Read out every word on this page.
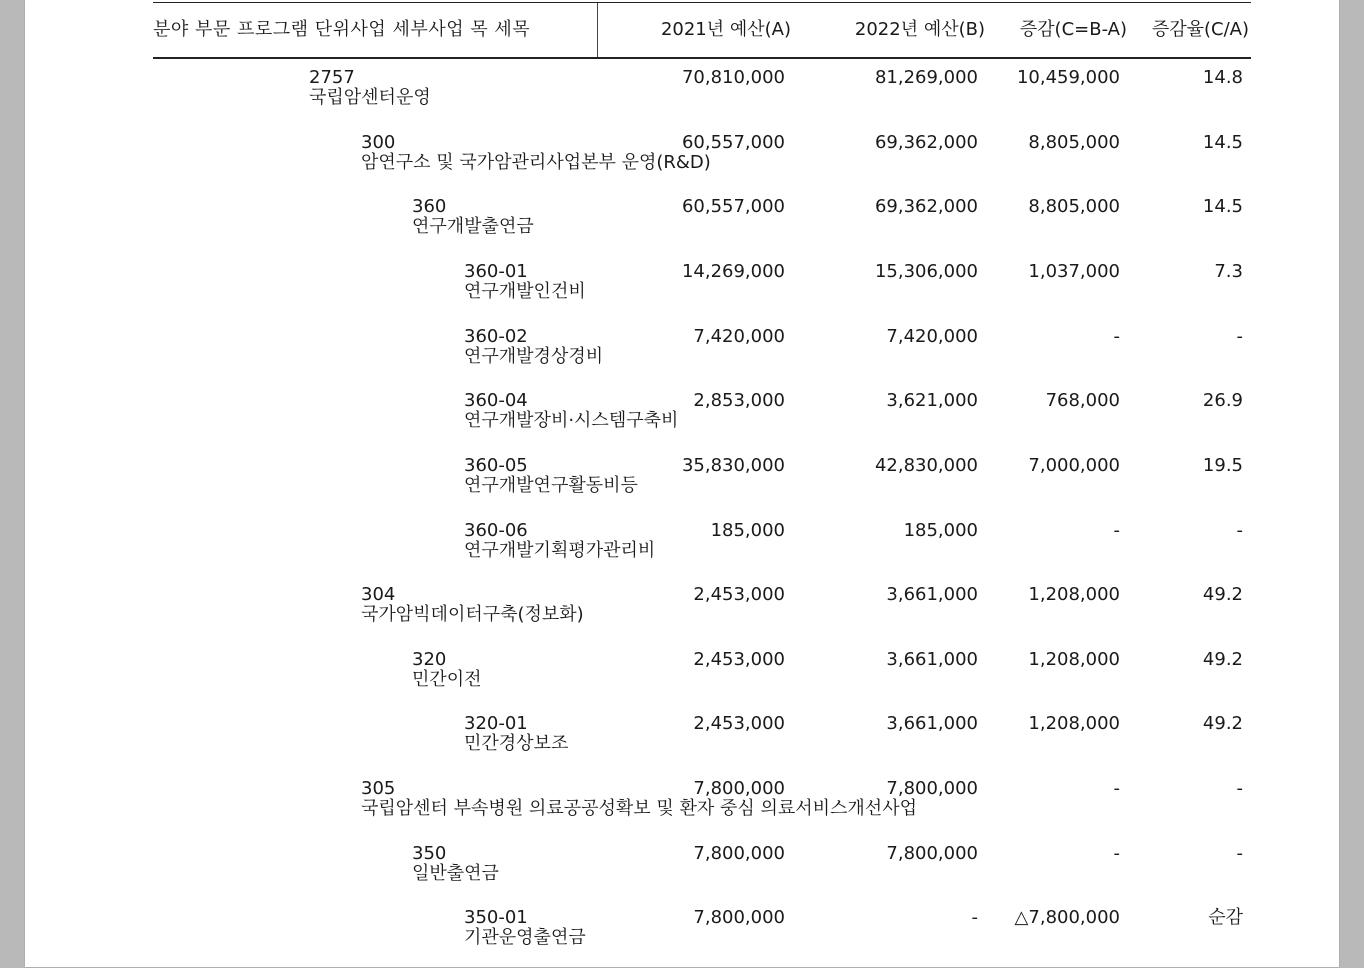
분야 부문 프로그램 단위사업 세부사업 목 세목	2021년 예산(A)	2022년 예산(B)	증감(C=B-A)	증감율(C/A)
2757
국립암센터운영
70,810,000	81,269,000	10,459,000	14.8
300
암연구소 및 국가암관리사업본부 운영(R&D)
60,557,000	69,362,000	8,805,000	14.5
360
연구개발출연금
60,557,000	69,362,000	8,805,000	14.5
360-01
연구개발인건비
14,269,000	15,306,000	1,037,000	7.3
360-02
연구개발경상경비
7,420,000	7,420,000	-	-
360-04
연구개발장비·시스템구축비
2,853,000	3,621,000	768,000	26.9
360-05
연구개발연구활동비등
35,830,000	42,830,000	7,000,000	19.5
360-06
연구개발기획평가관리비
185,000	185,000	-	-
304
국가암빅데이터구축(정보화)
2,453,000	3,661,000	1,208,000	49.2
320
민간이전
2,453,000	3,661,000	1,208,000	49.2
320-01
민간경상보조
2,453,000	3,661,000	1,208,000	49.2
305
국립암센터 부속병원 의료공공성확보 및 환자 중심 의료서비스개선사업
7,800,000	7,800,000	-	-
350
일반출연금
7,800,000	7,800,000	-	-
350-01
기관운영출연금
7,800,000	-	△7,800,000	순감
